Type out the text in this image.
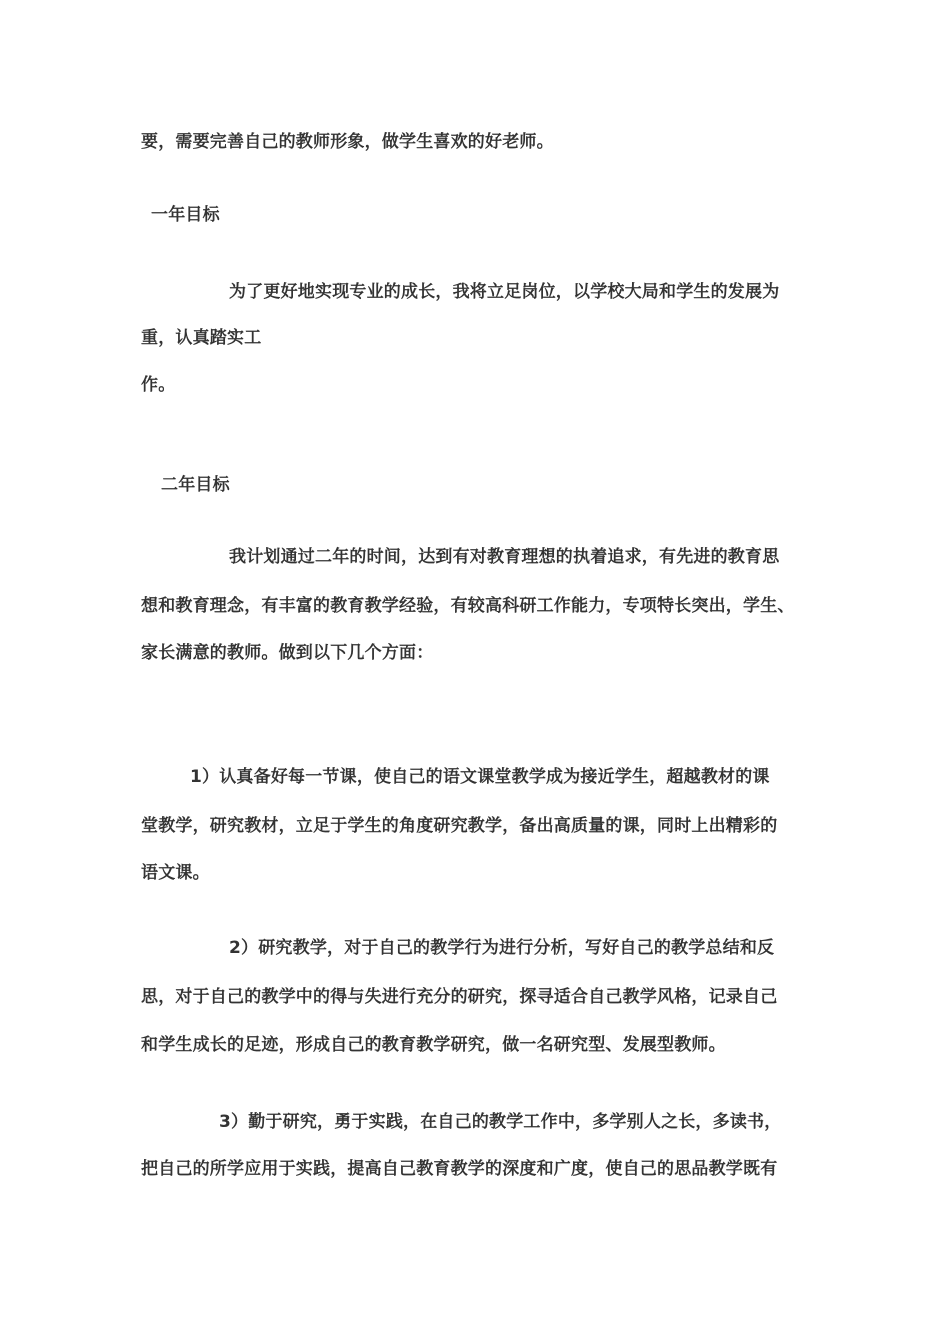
要，需要完善自己的教师形象，做学生喜欢的好老师。
一年目标
为了更好地实现专业的成长，我将立足岗位，以学校大局和学生的发展为
重，认真踏实工
作。
二年目标
我计划通过二年的时间，达到有对教育理想的执着追求，有先进的教育思
想和教育理念，有丰富的教育教学经验，有较高科研工作能力，专项特长突出，学生、
家长满意的教师。做到以下几个方面：
1）认真备好每一节课，使自己的语文课堂教学成为接近学生，超越教材的课
堂教学，研究教材，立足于学生的角度研究教学，备出高质量的课，同时上出精彩的
语文课。
2）研究教学，对于自己的教学行为进行分析，写好自己的教学总结和反
思，对于自己的教学中的得与失进行充分的研究，探寻适合自己教学风格，记录自己
和学生成长的足迹，形成自己的教育教学研究，做一名研究型、发展型教师。
3）勤于研究，勇于实践，在自己的教学工作中，多学别人之长，多读书，
把自己的所学应用于实践，提高自己教育教学的深度和广度，使自己的思品教学既有
